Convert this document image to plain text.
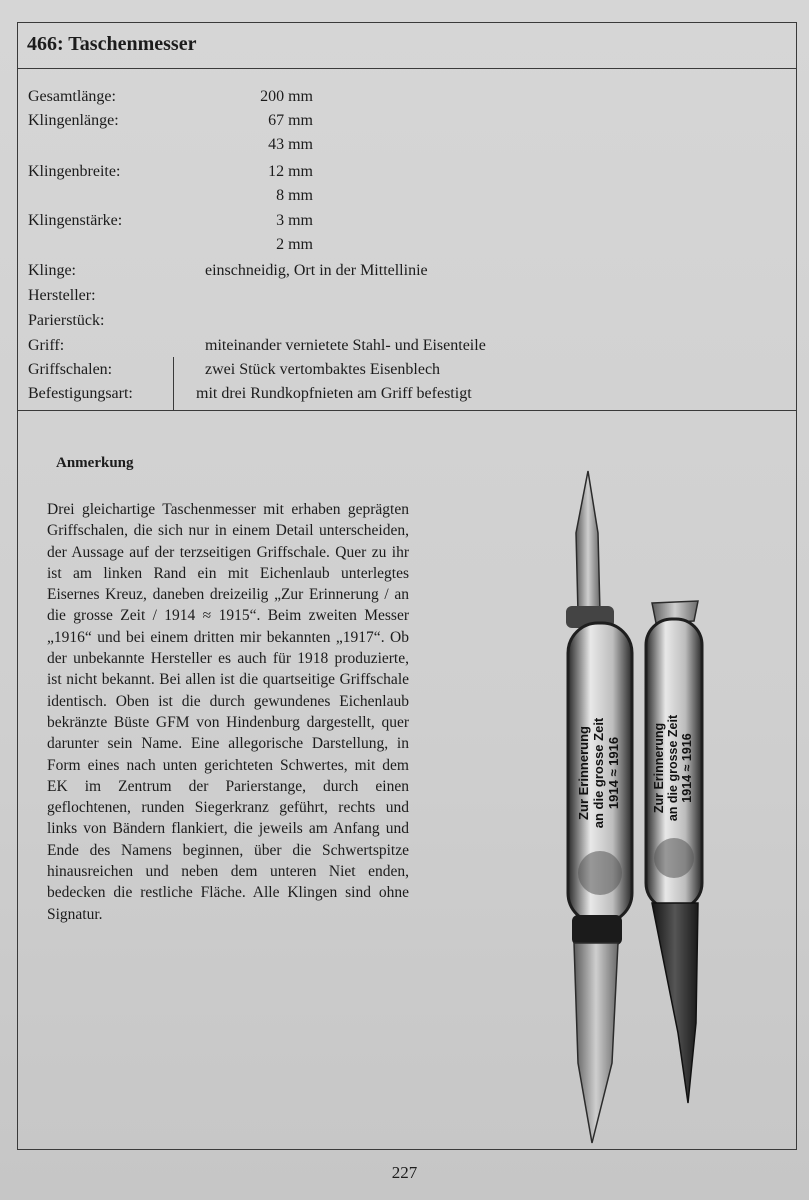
466: Taschenmesser
Gesamtlänge:	200 mm
Klingenlänge:	67 mm
43 mm
Klingenbreite:	12 mm
8 mm
Klingenstärke:	3 mm
2 mm
Klinge:	einschneidig, Ort in der Mittellinie
Hersteller:
Parierstück:
Griff:	miteinander vernietete Stahl- und Eisenteile
Griffschalen:	zwei Stück vertombaktes Eisenblech
Befestigungsart:	mit drei Rundkopfnieten am Griff befestigt
Anmerkung
Drei gleichartige Taschenmesser mit erhaben geprägten Griffschalen, die sich nur in einem Detail unterscheiden, der Aussage auf der terzseitigen Griffschale. Quer zu ihr ist am linken Rand ein mit Eichenlaub unterlegtes Eisernes Kreuz, daneben dreizeilig „Zur Erinnerung / an die grosse Zeit / 1914 ≈ 1915“. Beim zweiten Messer „1916“ und bei einem dritten mir bekannten „1917“. Ob der unbekannte Hersteller es auch für 1918 produzierte, ist nicht bekannt. Bei allen ist die quartseitige Griffschale identisch. Oben ist die durch gewundenes Eichenlaub bekränzte Büste GFM von Hindenburg dargestellt, quer darunter sein Name. Eine allegorische Darstellung, in Form eines nach unten gerichteten Schwertes, mit dem EK im Zentrum der Parierstange, durch einen geflochtenen, runden Siegerkranz geführt, rechts und links von Bändern flankiert, die jeweils am Anfang und Ende des Namens beginnen, über die Schwertspitze hinausreichen und neben dem unteren Niet enden, bedecken die restliche Fläche. Alle Klingen sind ohne Signatur.
Zur Erinnerung an die grosse Zeit 1914 ≈ 1916 Zur Erinnerung an die grosse Zeit 1914 ≈ 1916
227
